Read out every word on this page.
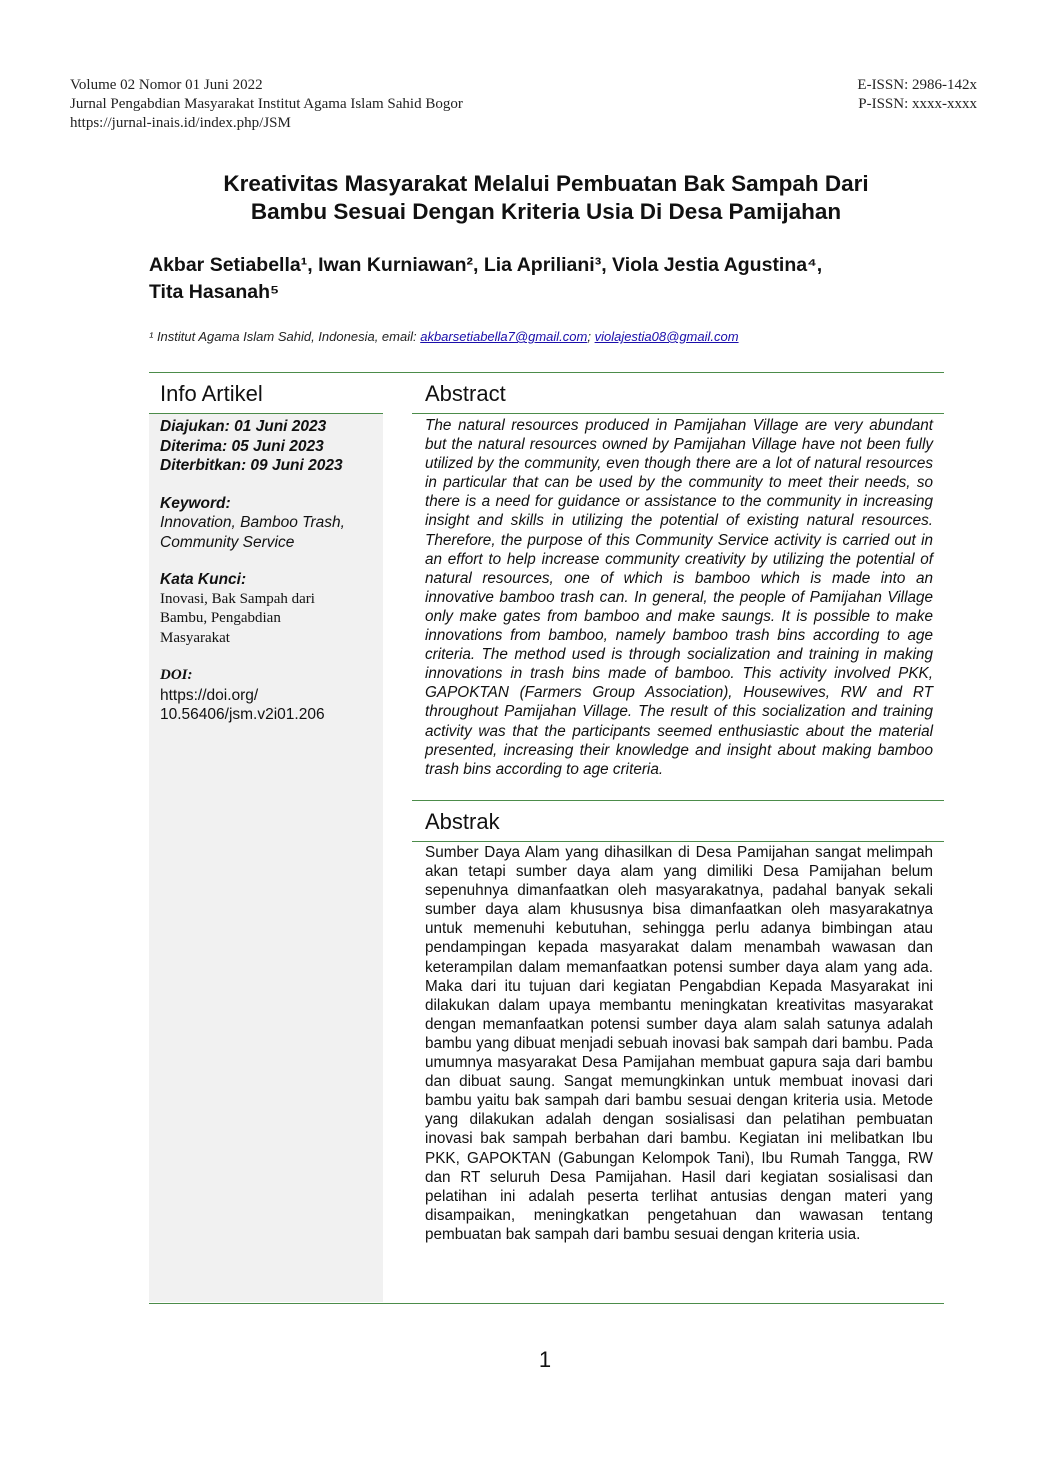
Volume 02 Nomor 01 Juni 2022
Jurnal Pengabdian Masyarakat Institut Agama Islam Sahid Bogor
https://jurnal-inais.id/index.php/JSM
E-ISSN: 2986-142x
P-ISSN: xxxx-xxxx
Kreativitas Masyarakat Melalui Pembuatan Bak Sampah Dari
Bambu Sesuai Dengan Kriteria Usia Di Desa Pamijahan
Akbar Setiabella¹, Iwan Kurniawan², Lia Apriliani³, Viola Jestia Agustina⁴,
Tita Hasanah⁵
¹ Institut Agama Islam Sahid, Indonesia, email: akbarsetiabella7@gmail.com; violajestia08@gmail.com
Info Artikel	Abstract
Abstrak
Diajukan: 01 Juni 2023
Diterima: 05 Juni 2023
Diterbitkan: 09 Juni 2023
Keyword:
Innovation, Bamboo Trash,
Community Service
Kata Kunci:
Inovasi, Bak Sampah dari
Bambu, Pengabdian
Masyarakat
DOI:
https://doi.org/
10.56406/jsm.v2i01.206
The natural resources produced in Pamijahan Village are very abundant but the natural resources owned by Pamijahan Village have not been fully utilized by the community, even though there are a lot of natural resources in particular that can be used by the community to meet their needs, so there is a need for guidance or assistance to the community in increasing insight and skills in utilizing the potential of existing natural resources. Therefore, the purpose of this Community Service activity is carried out in an effort to help increase community creativity by utilizing the potential of natural resources, one of which is bamboo which is made into an innovative bamboo trash can. In general, the people of Pamijahan Village only make gates from bamboo and make saungs. It is possible to make innovations from bamboo, namely bamboo trash bins according to age criteria. The method used is through socialization and training in making innovations in trash bins made of bamboo. This activity involved PKK, GAPOKTAN (Farmers Group Association), Housewives, RW and RT throughout Pamijahan Village. The result of this socialization and training activity was that the participants seemed enthusiastic about the material presented, increasing their knowledge and insight about making bamboo trash bins according to age criteria.
Sumber Daya Alam yang dihasilkan di Desa Pamijahan sangat melimpah akan tetapi sumber daya alam yang dimiliki Desa Pamijahan belum sepenuhnya dimanfaatkan oleh masyarakatnya, padahal banyak sekali sumber daya alam khususnya bisa dimanfaatkan oleh masyarakatnya untuk memenuhi kebutuhan, sehingga perlu adanya bimbingan atau pendampingan kepada masyarakat dalam menambah wawasan dan keterampilan dalam memanfaatkan potensi sumber daya alam yang ada. Maka dari itu tujuan dari kegiatan Pengabdian Kepada Masyarakat ini dilakukan dalam upaya membantu meningkatan kreativitas masyarakat dengan memanfaatkan potensi sumber daya alam salah satunya adalah bambu yang dibuat menjadi sebuah inovasi bak sampah dari bambu. Pada umumnya masyarakat Desa Pamijahan membuat gapura saja dari bambu dan dibuat saung. Sangat memungkinkan untuk membuat inovasi dari bambu yaitu bak sampah dari bambu sesuai dengan kriteria usia. Metode yang dilakukan adalah dengan sosialisasi dan pelatihan pembuatan inovasi bak sampah berbahan dari bambu. Kegiatan ini melibatkan Ibu PKK, GAPOKTAN (Gabungan Kelompok Tani), Ibu Rumah Tangga, RW dan RT seluruh Desa Pamijahan. Hasil dari kegiatan sosialisasi dan pelatihan ini adalah peserta terlihat antusias dengan materi yang disampaikan, meningkatkan pengetahuan dan wawasan tentang pembuatan bak sampah dari bambu sesuai dengan kriteria usia.
1
